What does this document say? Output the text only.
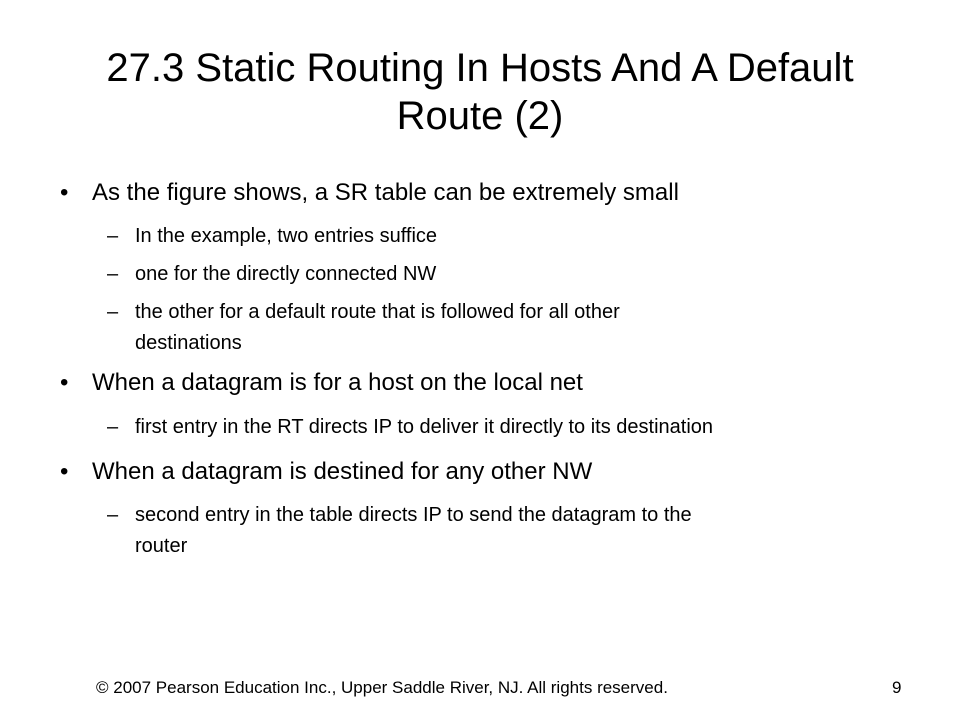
27.3 Static Routing In Hosts And A Default
Route (2)
• As the figure shows, a SR table can be extremely small
– In the example, two entries suffice
– one for the directly connected NW
– the other for a default route that is followed for all other
destinations
• When a datagram is for a host on the local net
– first entry in the RT directs IP to deliver it directly to its destination
• When a datagram is destined for any other NW
– second entry in the table directs IP to send the datagram to the
router
© 2007 Pearson Education Inc., Upper Saddle River, NJ. All rights reserved.	9
